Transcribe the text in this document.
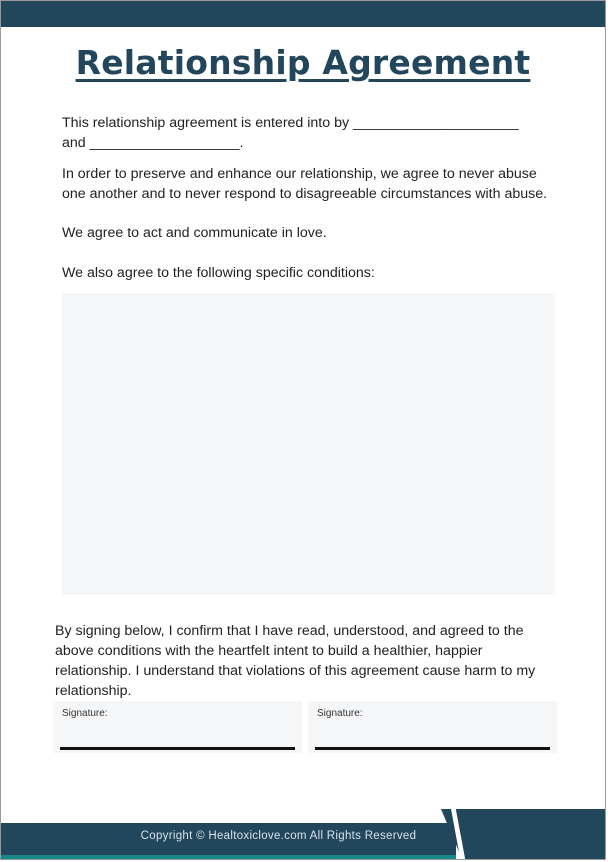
Relationship Agreement
This relationship agreement is entered into by _____________________
and ___________________.

In order to preserve and enhance our relationship, we agree to never abuse one another and to never respond to disagreeable circumstances with abuse.

We agree to act and communicate in love.

We also agree to the following specific conditions:

By signing below, I confirm that I have read, understood, and agreed to the above conditions with the heartfelt intent to build a healthier, happier relationship. I understand that violations of this agreement cause harm to my relationship.

Signature:	Signature:
Copyright © Healtoxiclove.com All Rights Reserved
